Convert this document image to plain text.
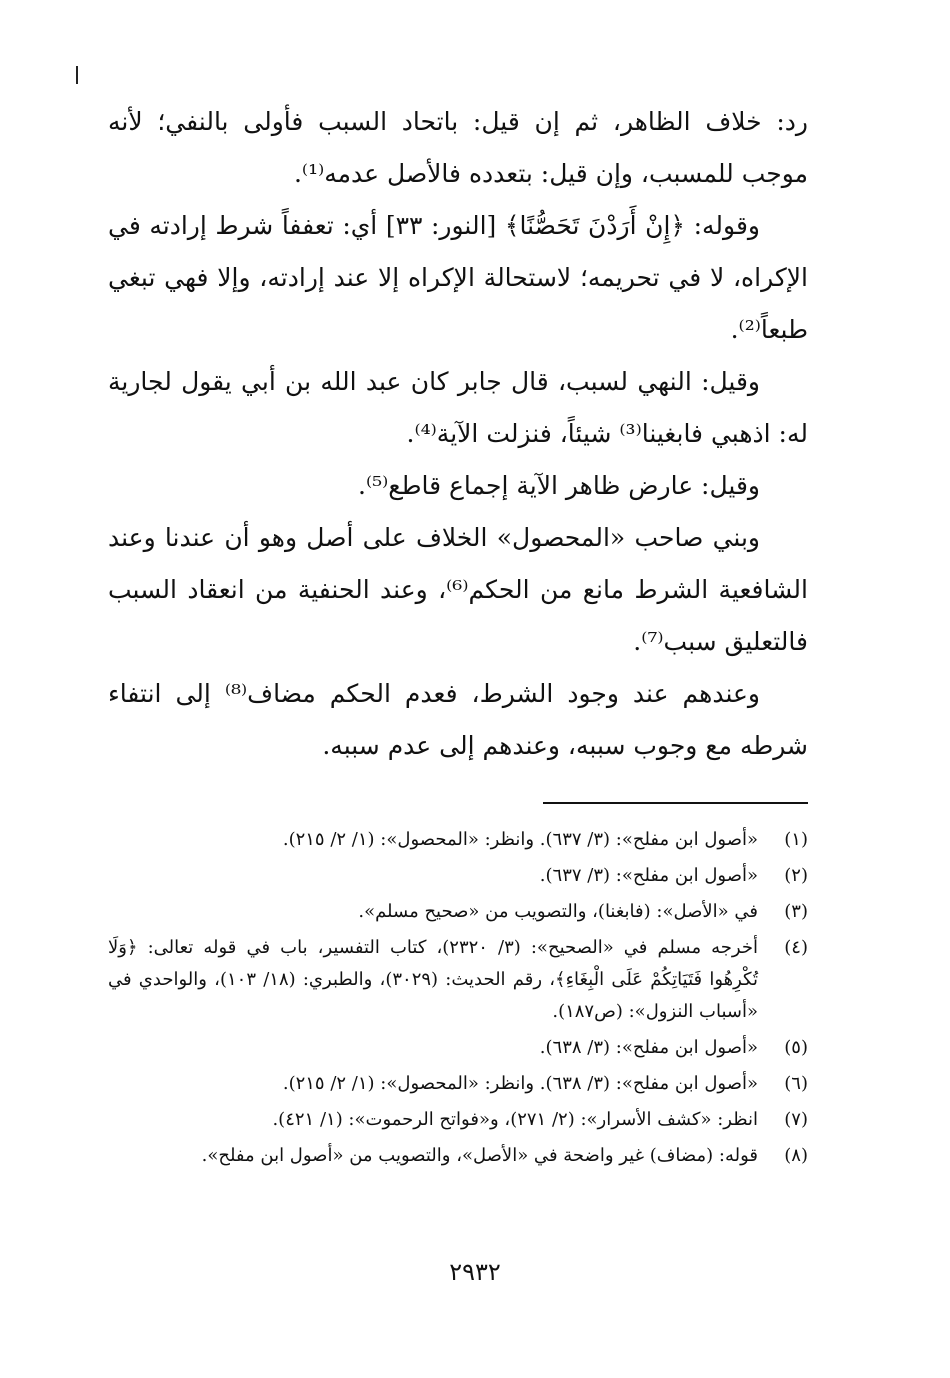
رد: خلاف الظاهر، ثم إن قيل: باتحاد السبب فأولى بالنفي؛ لأنه موجب للمسبب، وإن قيل: بتعدده فالأصل عدمه⁽¹⁾.

وقوله: ﴿إِنْ أَرَدْنَ تَحَصُّنًا﴾ [النور: ٣٣] أي: تعففاً شرط إرادته في الإكراه، لا في تحريمه؛ لاستحالة الإكراه إلا عند إرادته، وإلا فهي تبغي طبعاً⁽²⁾.

وقيل: النهي لسبب، قال جابر كان عبد الله بن أبي يقول لجارية له: اذهبي فابغينا⁽³⁾ شيئاً، فنزلت الآية⁽⁴⁾.

وقيل: عارض ظاهر الآية إجماع قاطع⁽⁵⁾.

وبني صاحب «المحصول» الخلاف على أصل وهو أن عندنا وعند الشافعية الشرط مانع من الحكم⁽⁶⁾، وعند الحنفية من انعقاد السبب فالتعليق سبب⁽⁷⁾.

وعندهم عند وجود الشرط، فعدم الحكم مضاف⁽⁸⁾ إلى انتفاء شرطه مع وجوب سببه، وعندهم إلى عدم سببه.

(١)
«أصول ابن مفلح»: (٣/ ٦٣٧). وانظر: «المحصول»: (١/ ٢/ ٢١٥).
(٢)
«أصول ابن مفلح»: (٣/ ٦٣٧).
(٣)
في «الأصل»: (فابغنا)، والتصويب من «صحيح مسلم».
(٤)
أخرجه مسلم في «الصحيح»: (٣/ ٢٣٢٠)، كتاب التفسير، باب في قوله تعالى: ﴿وَلَا تُكْرِهُوا فَتَيَاتِكُمْ عَلَى الْبِغَاءِ﴾، رقم الحديث: (٣٠٢٩)، والطبري: (١٨/ ١٠٣)، والواحدي في «أسباب النزول»: (ص١٨٧).
(٥)
«أصول ابن مفلح»: (٣/ ٦٣٨).
(٦)
«أصول ابن مفلح»: (٣/ ٦٣٨). وانظر: «المحصول»: (١/ ٢/ ٢١٥).
(٧)
انظر: «كشف الأسرار»: (٢/ ٢٧١)، و«فواتح الرحموت»: (١/ ٤٢١).
(٨)
قوله: (مضاف) غير واضحة في «الأصل»، والتصويب من «أصول ابن مفلح».
٢٩٣٢
